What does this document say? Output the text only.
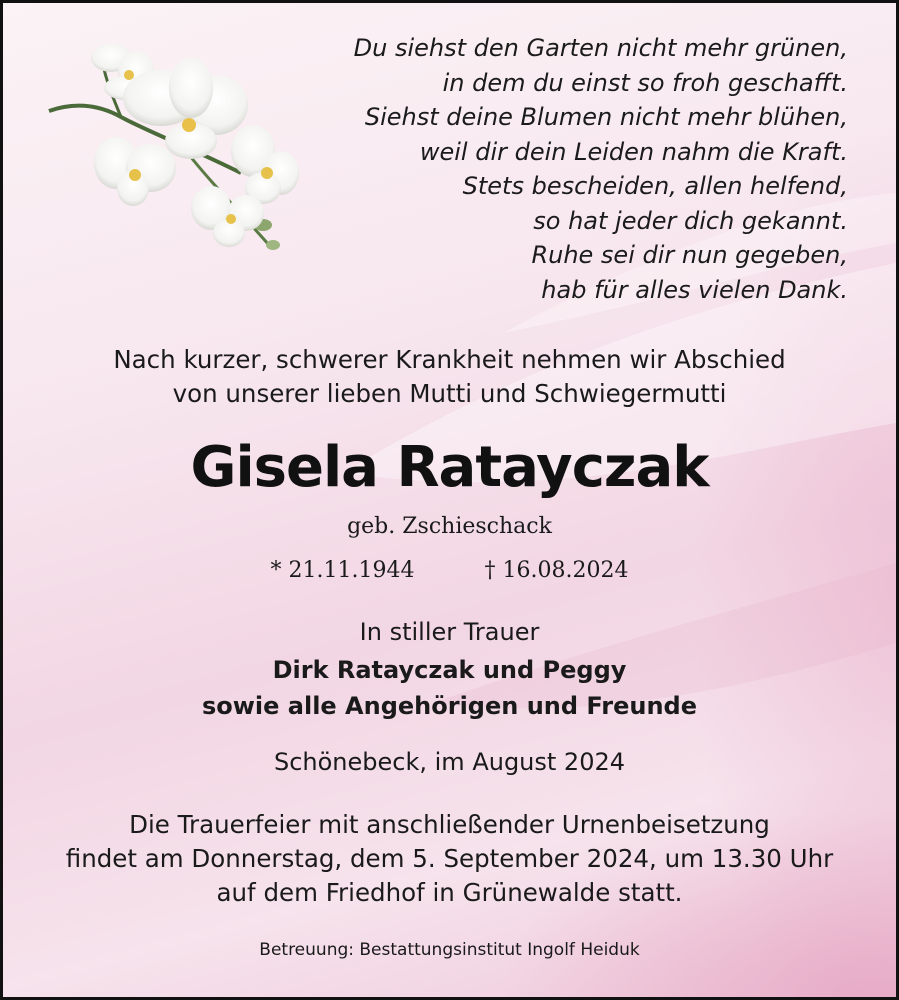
Du siehst den Garten nicht mehr grünen,
in dem du einst so froh geschafft.
Siehst deine Blumen nicht mehr blühen,
weil dir dein Leiden nahm die Kraft.
Stets bescheiden, allen helfend,
so hat jeder dich gekannt.
Ruhe sei dir nun gegeben,
hab für alles vielen Dank.
Nach kurzer, schwerer Krankheit nehmen wir Abschied
von unserer lieben Mutti und Schwiegermutti
Gisela Ratayczak
geb. Zschieschack
* 21.11.1944	† 16.08.2024
In stiller Trauer
Dirk Ratayczak und Peggy
sowie alle Angehörigen und Freunde
Schönebeck, im August 2024
Die Trauerfeier mit anschließender Urnenbeisetzung
findet am Donnerstag, dem 5. September 2024, um 13.30 Uhr
auf dem Friedhof in Grünewalde statt.
Betreuung: Bestattungsinstitut Ingolf Heiduk
